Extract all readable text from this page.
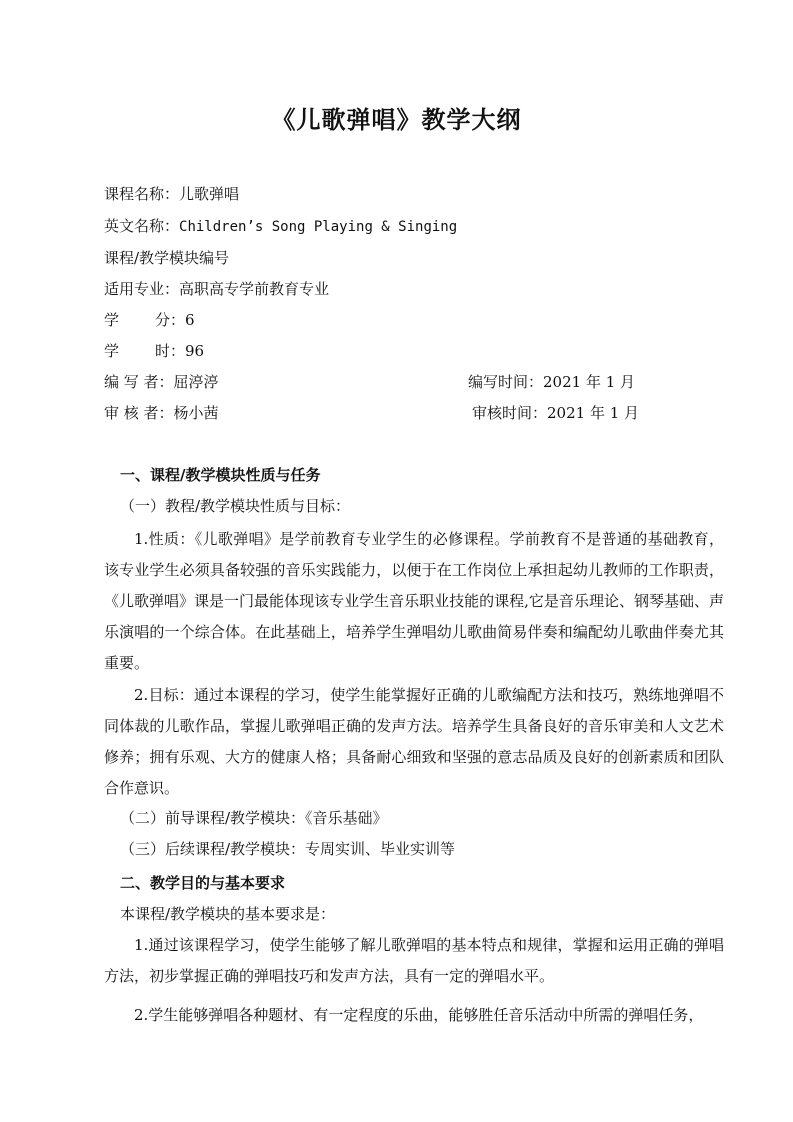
《儿歌弹唱》教学大纲
课程名称：儿歌弹唱
英文名称：Children’s Song Playing & Singing
课程/教学模块编号
适用专业：高职高专学前教育专业
学 分：6
学 时：96
编 写 者：屈渟渟	编写时间：2021 年 1 月
审 核 者：杨小茜	审核时间：2021 年 1 月
一、课程/教学模块性质与任务
（一）教程/教学模块性质与目标：
1.性质：《儿歌弹唱》是学前教育专业学生的必修课程。学前教育不是普通的基础教育，该专业学生必须具备较强的音乐实践能力，以便于在工作岗位上承担起幼儿教师的工作职责，《儿歌弹唱》课是一门最能体现该专业学生音乐职业技能的课程,它是音乐理论、钢琴基础、声乐演唱的一个综合体。在此基础上，培养学生弹唱幼儿歌曲简易伴奏和编配幼儿歌曲伴奏尤其重要。
2.目标：通过本课程的学习，使学生能掌握好正确的儿歌编配方法和技巧，熟练地弹唱不同体裁的儿歌作品，掌握儿歌弹唱正确的发声方法。培养学生具备良好的音乐审美和人文艺术修养；拥有乐观、大方的健康人格；具备耐心细致和坚强的意志品质及良好的创新素质和团队合作意识。
（二）前导课程/教学模块：《音乐基础》
（三）后续课程/教学模块：专周实训、毕业实训等
二、教学目的与基本要求
本课程/教学模块的基本要求是：
1.通过该课程学习，使学生能够了解儿歌弹唱的基本特点和规律，掌握和运用正确的弹唱方法，初步掌握正确的弹唱技巧和发声方法，具有一定的弹唱水平。
2.学生能够弹唱各种题材、有一定程度的乐曲，能够胜任音乐活动中所需的弹唱任务，
